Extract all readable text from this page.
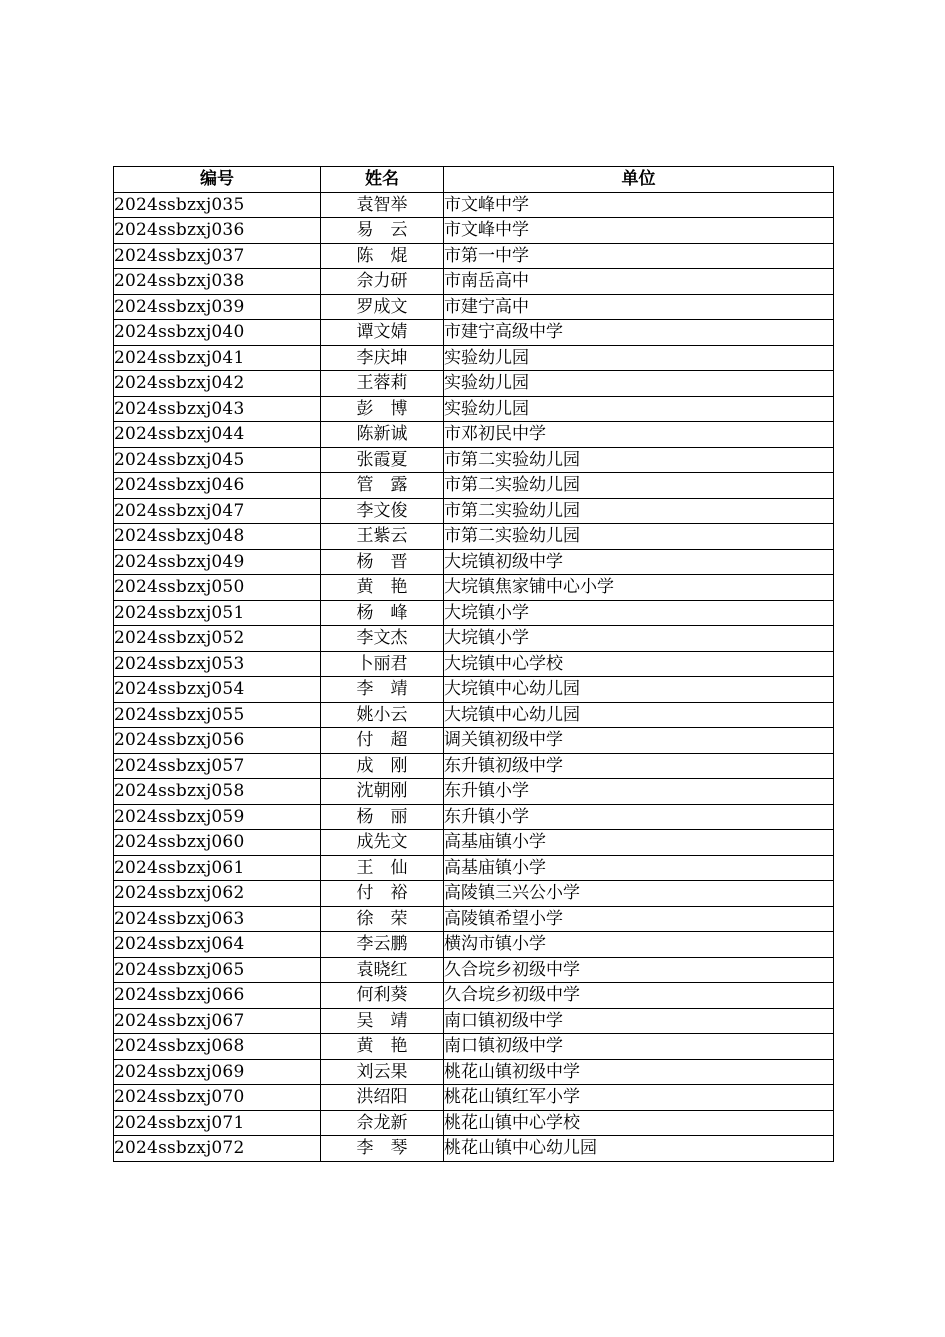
编号	姓名	单位
2024ssbzxj035	袁智举	市文峰中学
2024ssbzxj036	易　云	市文峰中学
2024ssbzxj037	陈　焜	市第一中学
2024ssbzxj038	佘力研	市南岳高中
2024ssbzxj039	罗成文	市建宁高中
2024ssbzxj040	谭文婧	市建宁高级中学
2024ssbzxj041	李庆坤	实验幼儿园
2024ssbzxj042	王蓉莉	实验幼儿园
2024ssbzxj043	彭　博	实验幼儿园
2024ssbzxj044	陈新诚	市邓初民中学
2024ssbzxj045	张霞夏	市第二实验幼儿园
2024ssbzxj046	管　露	市第二实验幼儿园
2024ssbzxj047	李文俊	市第二实验幼儿园
2024ssbzxj048	王紫云	市第二实验幼儿园
2024ssbzxj049	杨　晋	大垸镇初级中学
2024ssbzxj050	黄　艳	大垸镇焦家铺中心小学
2024ssbzxj051	杨　峰	大垸镇小学
2024ssbzxj052	李文杰	大垸镇小学
2024ssbzxj053	卜丽君	大垸镇中心学校
2024ssbzxj054	李　靖	大垸镇中心幼儿园
2024ssbzxj055	姚小云	大垸镇中心幼儿园
2024ssbzxj056	付　超	调关镇初级中学
2024ssbzxj057	成　刚	东升镇初级中学
2024ssbzxj058	沈朝刚	东升镇小学
2024ssbzxj059	杨　丽	东升镇小学
2024ssbzxj060	成先文	高基庙镇小学
2024ssbzxj061	王　仙	高基庙镇小学
2024ssbzxj062	付　裕	高陵镇三兴公小学
2024ssbzxj063	徐　荣	高陵镇希望小学
2024ssbzxj064	李云鹏	横沟市镇小学
2024ssbzxj065	袁晓红	久合垸乡初级中学
2024ssbzxj066	何利葵	久合垸乡初级中学
2024ssbzxj067	吴　靖	南口镇初级中学
2024ssbzxj068	黄　艳	南口镇初级中学
2024ssbzxj069	刘云果	桃花山镇初级中学
2024ssbzxj070	洪绍阳	桃花山镇红军小学
2024ssbzxj071	佘龙新	桃花山镇中心学校
2024ssbzxj072	李　琴	桃花山镇中心幼儿园
